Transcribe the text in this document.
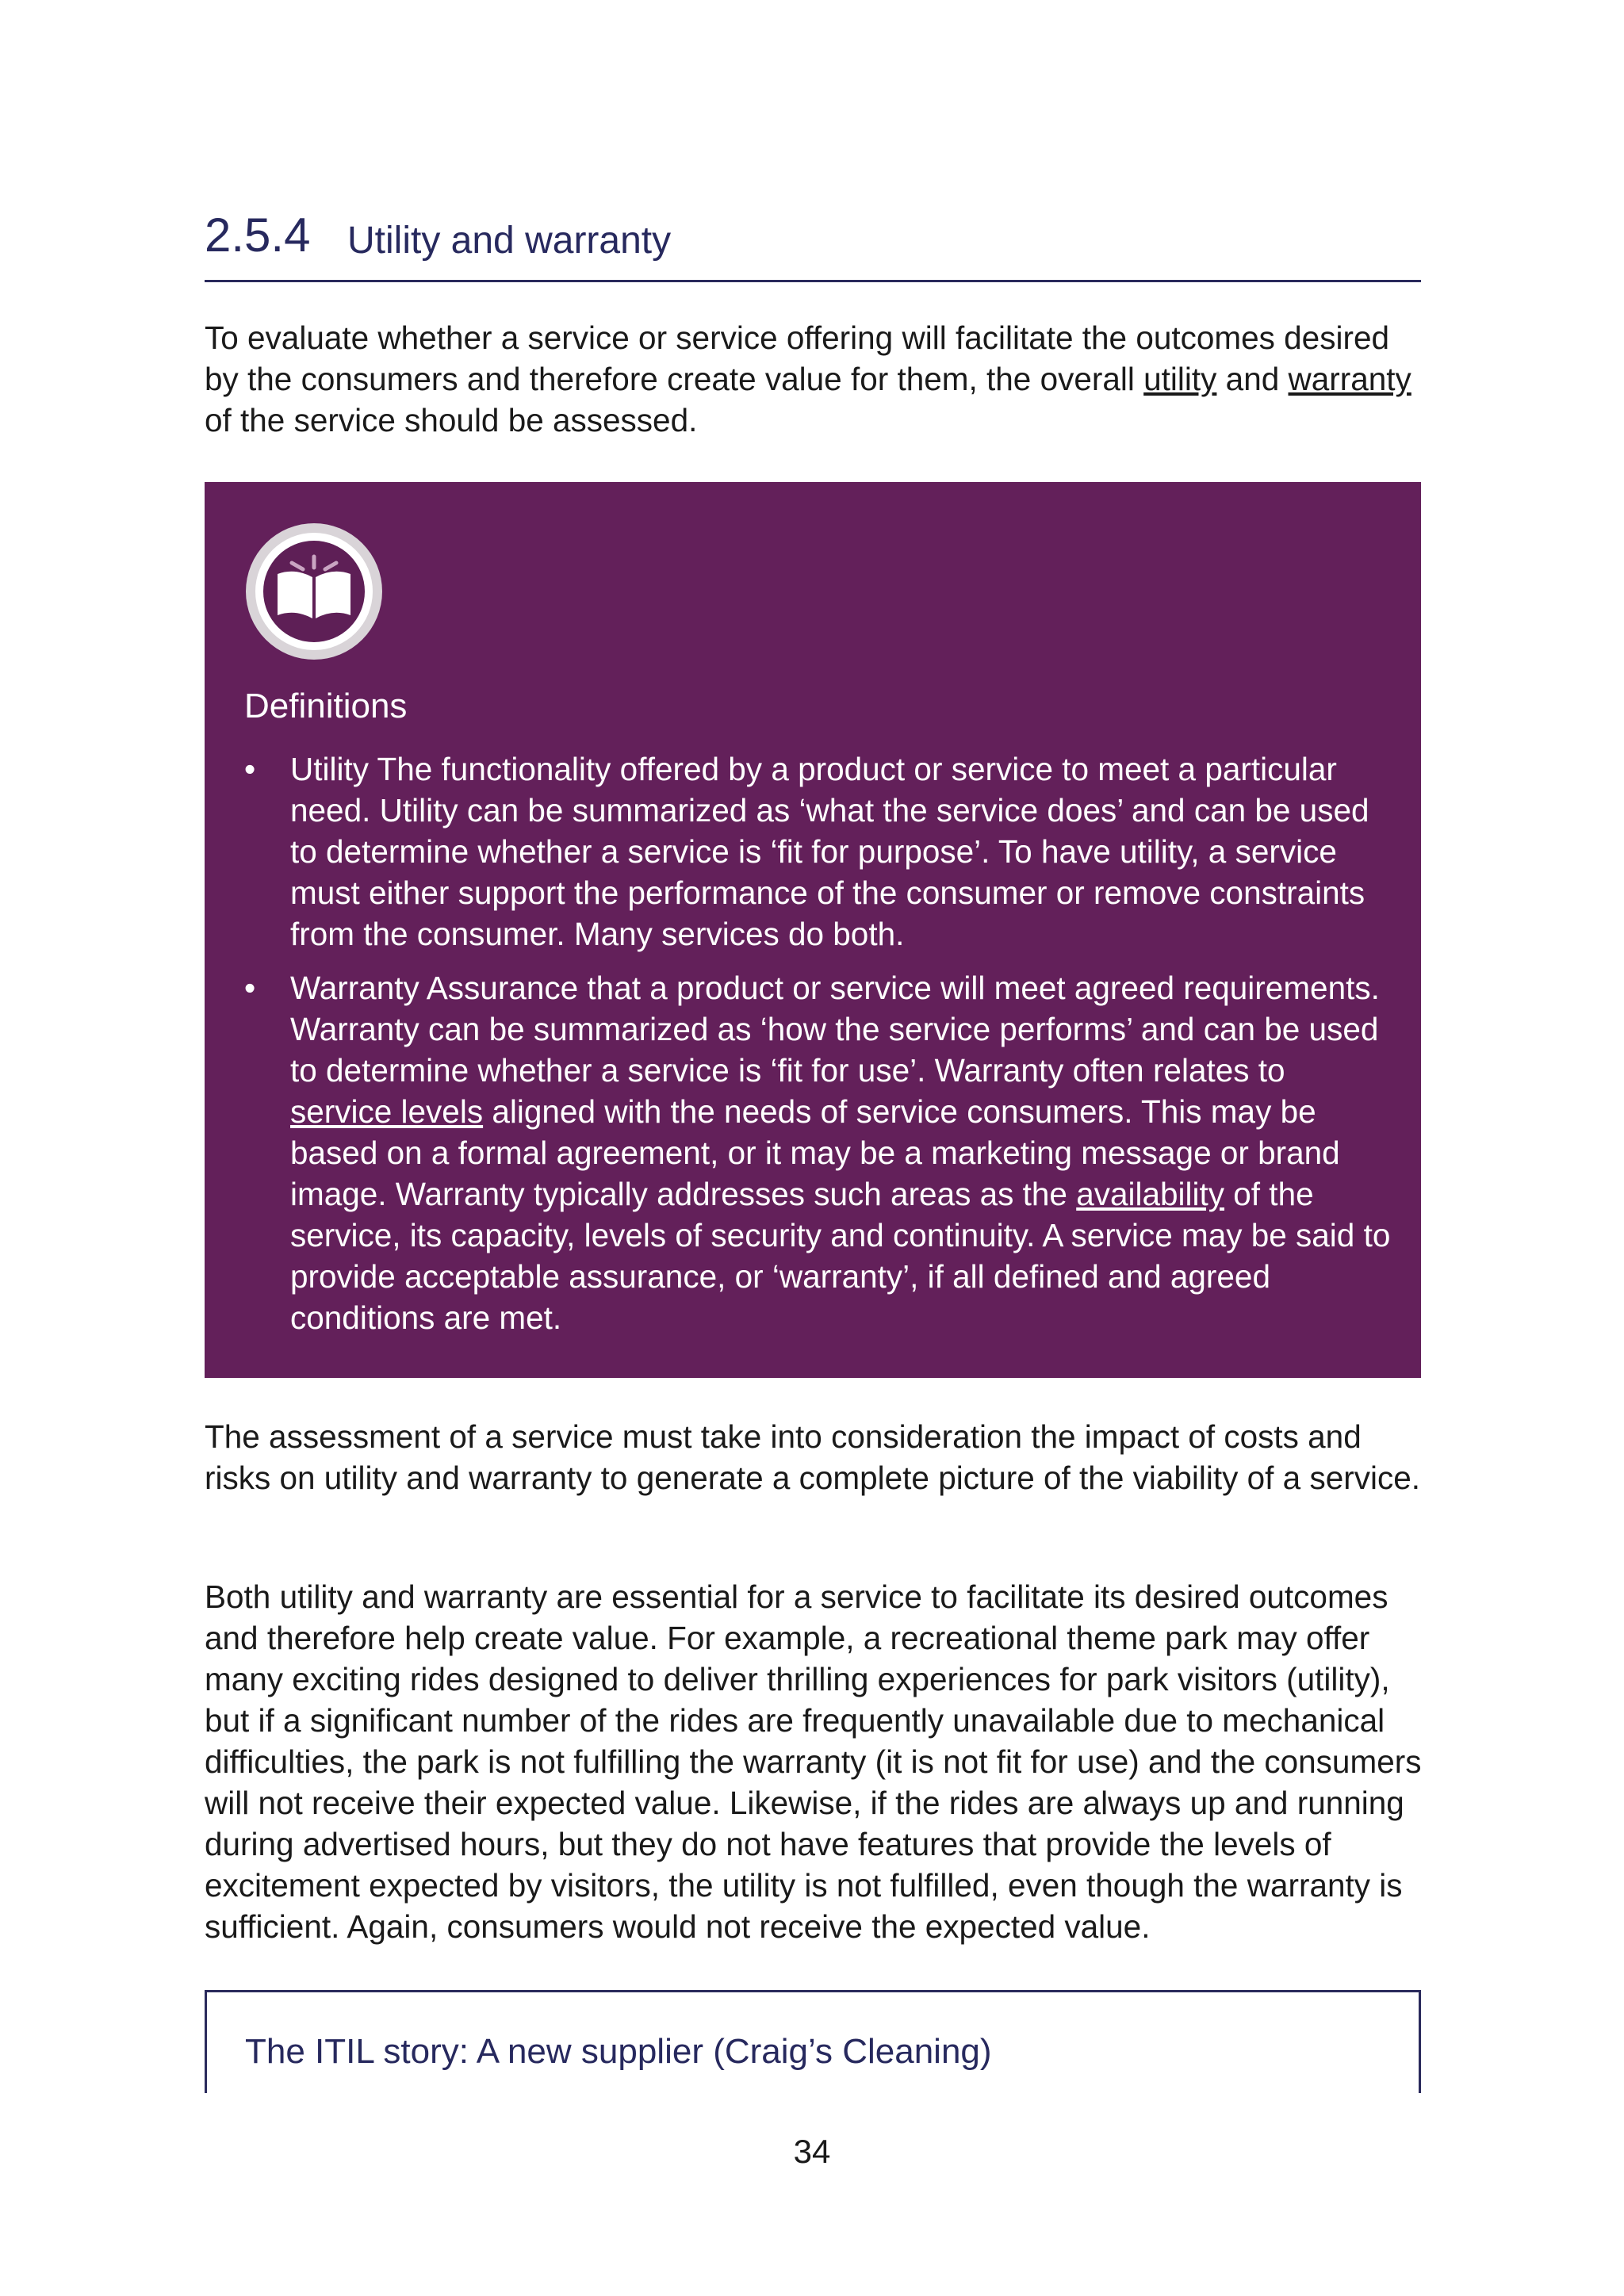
2.5.4 Utility and warranty

To evaluate whether a service or service offering will facilitate the outcomes desired by the consumers and therefore create value for them, the overall utility and warranty of the service should be assessed.

Definitions
• Utility The functionality offered by a product or service to meet a particular need. Utility can be summarized as ‘what the service does’ and can be used to determine whether a service is ‘fit for purpose’. To have utility, a service must either support the performance of the consumer or remove constraints from the consumer. Many services do both.
• Warranty Assurance that a product or service will meet agreed requirements. Warranty can be summarized as ‘how the service performs’ and can be used to determine whether a service is ‘fit for use’. Warranty often relates to service levels aligned with the needs of service consumers. This may be based on a formal agreement, or it may be a marketing message or brand image. Warranty typically addresses such areas as the availability of the service, its capacity, levels of security and continuity. A service may be said to provide acceptable assurance, or ‘warranty’, if all defined and agreed conditions are met.

The assessment of a service must take into consideration the impact of costs and risks on utility and warranty to generate a complete picture of the viability of a service.

Both utility and warranty are essential for a service to facilitate its desired outcomes and therefore help create value. For example, a recreational theme park may offer many exciting rides designed to deliver thrilling experiences for park visitors (utility), but if a significant number of the rides are frequently unavailable due to mechanical difficulties, the park is not fulfilling the warranty (it is not fit for use) and the consumers will not receive their expected value. Likewise, if the rides are always up and running during advertised hours, but they do not have features that provide the levels of excitement expected by visitors, the utility is not fulfilled, even though the warranty is sufficient. Again, consumers would not receive the expected value.

The ITIL story: A new supplier (Craig’s Cleaning)
34
